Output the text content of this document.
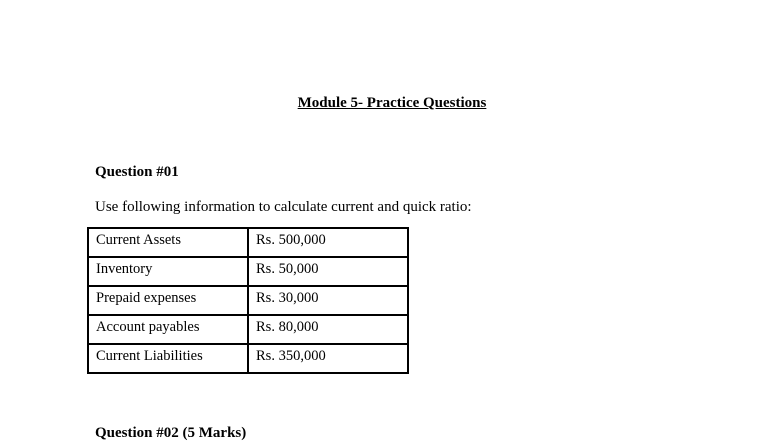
Module 5- Practice Questions
Question #01
Use following information to calculate current and quick ratio:
Current Assets	Rs. 500,000
Inventory	Rs. 50,000
Prepaid expenses	Rs. 30,000
Account payables	Rs. 80,000
Current Liabilities	Rs. 350,000
Question #02 (5 Marks)
